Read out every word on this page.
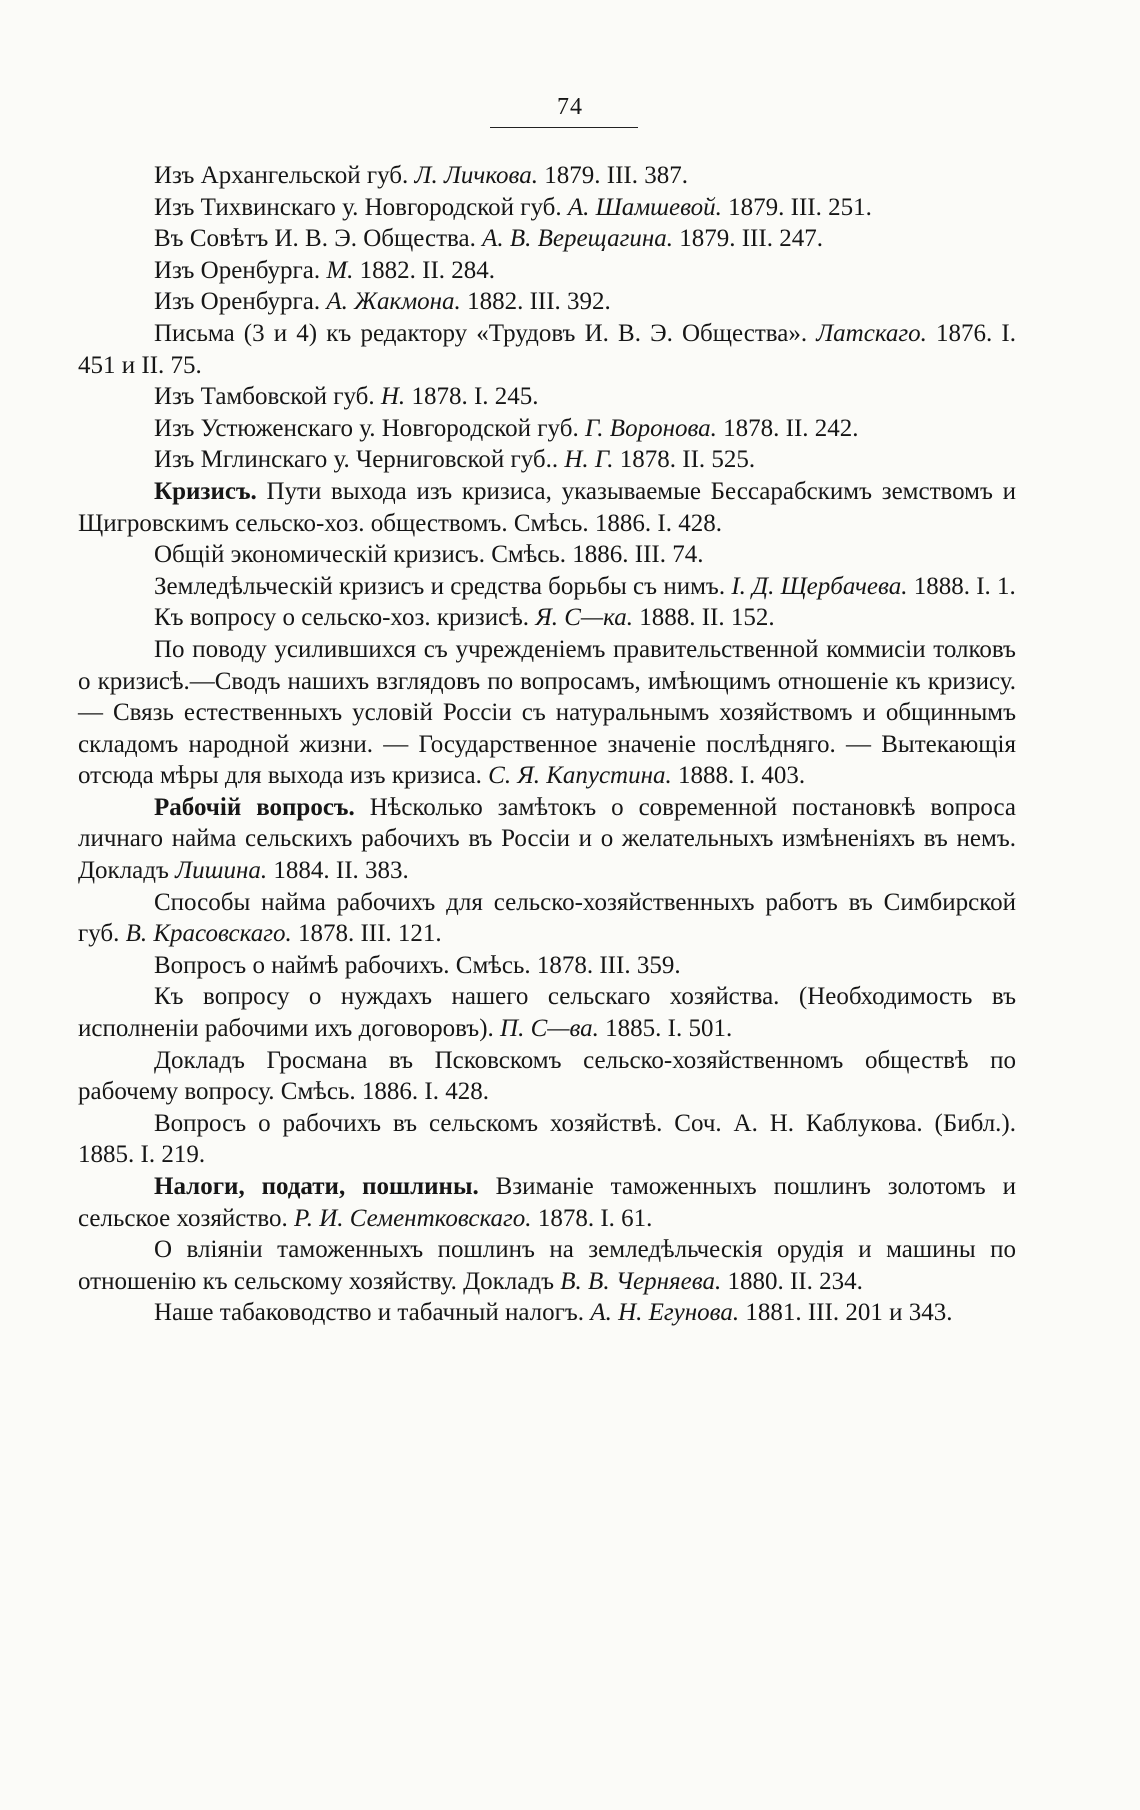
74

Изъ Архангельской губ. Л. Личкова. 1879. III. 387.

Изъ Тихвинскаго у. Новгородской губ. А. Шамшевой. 1879. III. 251.

Въ Совѣтъ И. В. Э. Общества. А. В. Верещагина. 1879. III. 247.

Изъ Оренбурга. М. 1882. II. 284.

Изъ Оренбурга. А. Жакмона. 1882. III. 392.

Письма (3 и 4) къ редактору «Трудовъ И. В. Э. Общества». Латскаго. 1876. I. 451 и II. 75.

Изъ Тамбовской губ. Н. 1878. I. 245.

Изъ Устюженскаго у. Новгородской губ. Г. Воронова. 1878. II. 242.

Изъ Мглинскаго у. Черниговской губ.. Н. Г. 1878. II. 525.

Кризисъ. Пути выхода изъ кризиса, указываемые Бессарабскимъ земствомъ и Щигровскимъ сельско-хоз. обществомъ. Смѣсь. 1886. I. 428.

Общій экономическій кризисъ. Смѣсь. 1886. III. 74.

Земледѣльческій кризисъ и средства борьбы съ нимъ. I. Д. Щербачева. 1888. I. 1.

Къ вопросу о сельско-хоз. кризисѣ. Я. С—ка. 1888. II. 152.

По поводу усилившихся съ учрежденіемъ правительственной коммисіи толковъ о кризисѣ.—Сводъ нашихъ взглядовъ по вопросамъ, имѣющимъ отношеніе къ кризису. — Связь естественныхъ условій Россіи съ натуральнымъ хозяйствомъ и общиннымъ складомъ народной жизни. — Государственное значеніе послѣдняго. — Вытекающія отсюда мѣры для выхода изъ кризиса. С. Я. Капустина. 1888. I. 403.

Рабочій вопросъ. Нѣсколько замѣтокъ о современной постановкѣ вопроса личнаго найма сельскихъ рабочихъ въ Россіи и о желательныхъ измѣненіяхъ въ немъ. Докладъ Лишина. 1884. II. 383.

Способы найма рабочихъ для сельско-хозяйственныхъ работъ въ Симбирской губ. В. Красовскаго. 1878. III. 121.

Вопросъ о наймѣ рабочихъ. Смѣсь. 1878. III. 359.

Къ вопросу о нуждахъ нашего сельскаго хозяйства. (Необходимость въ исполненіи рабочими ихъ договоровъ). П. С—ва. 1885. I. 501.

Докладъ Гросмана въ Псковскомъ сельско-хозяйственномъ обществѣ по рабочему вопросу. Смѣсь. 1886. I. 428.

Вопросъ о рабочихъ въ сельскомъ хозяйствѣ. Соч. А. Н. Каблукова. (Библ.). 1885. I. 219.

Налоги, подати, пошлины. Взиманіе таможенныхъ пошлинъ золотомъ и сельское хозяйство. Р. И. Сементковскаго. 1878. I. 61.

О вліяніи таможенныхъ пошлинъ на земледѣльческія орудія и машины по отношенію къ сельскому хозяйству. Докладъ В. В. Черняева. 1880. II. 234.

Наше табаководство и табачный налогъ. А. Н. Егунова. 1881. III. 201 и 343.
